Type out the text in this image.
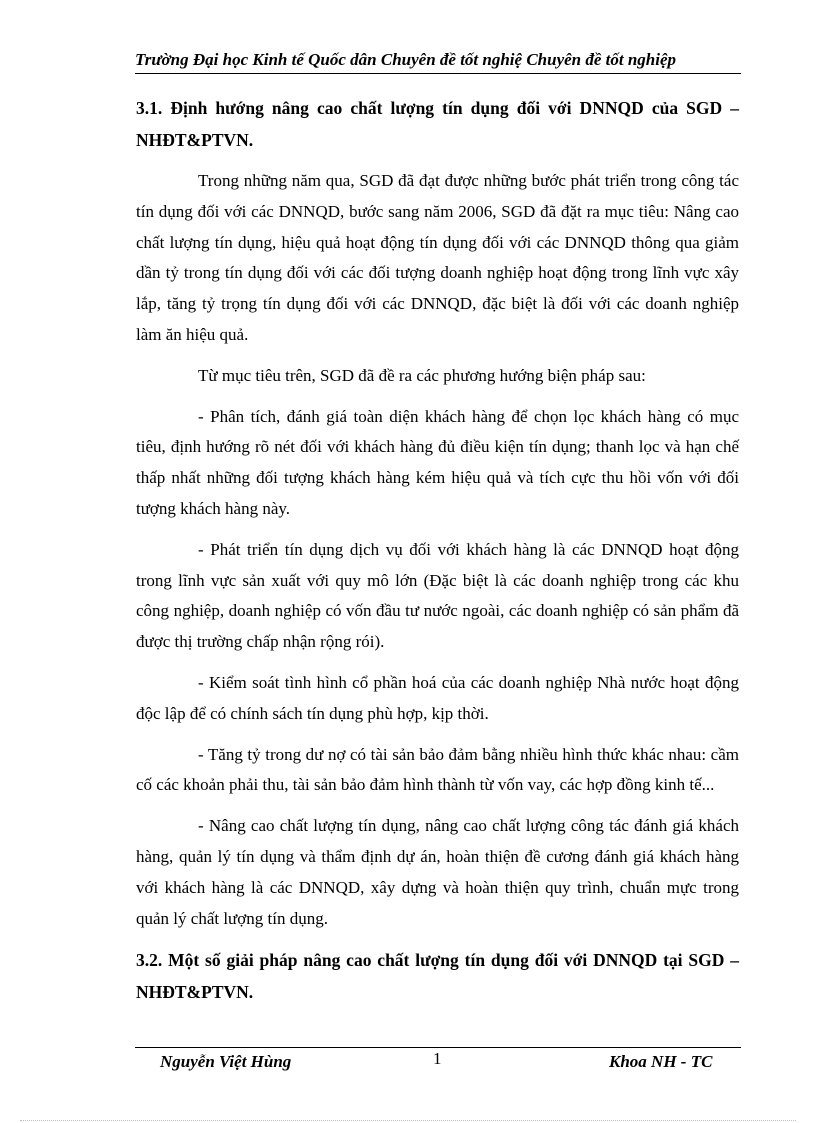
Trường Đại học Kinh tế Quốc dân Chuyên đề tốt nghiệ Chuyên đề tốt nghiệp
3.1. Định hướng nâng cao chất lượng tín dụng đối với DNNQD của SGD – NHĐT&PTVN.

Trong những năm qua, SGD đã đạt được những bước phát triển trong công tác tín dụng đối với các DNNQD, bước sang năm 2006, SGD đã đặt ra mục tiêu: Nâng cao chất lượng tín dụng, hiệu quả hoạt động tín dụng đối với các DNNQD thông qua giảm dần tỷ trong tín dụng đối với các đối tượng doanh nghiệp hoạt động trong lĩnh vực xây lắp, tăng tỷ trọng tín dụng đối với các DNNQD, đặc biệt là đối với các doanh nghiệp làm ăn hiệu quả.

Từ mục tiêu trên, SGD đã đề ra các phương hướng biện pháp sau:

- Phân tích, đánh giá toàn diện khách hàng để chọn lọc khách hàng có mục tiêu, định hướng rõ nét đối với khách hàng đủ điều kiện tín dụng; thanh lọc và hạn chế thấp nhất những đối tượng khách hàng kém hiệu quả và tích cực thu hồi vốn với đối tượng khách hàng này.

- Phát triển tín dụng dịch vụ đối với khách hàng là các DNNQD hoạt động trong lĩnh vực sản xuất với quy mô lớn (Đặc biệt là các doanh nghiệp trong các khu công nghiệp, doanh nghiệp có vốn đầu tư nước ngoài, các doanh nghiệp có sản phẩm đã được thị trường chấp nhận rộng rói).

- Kiểm soát tình hình cổ phần hoá của các doanh nghiệp Nhà nước hoạt động độc lập để có chính sách tín dụng phù hợp, kịp thời.

- Tăng tỷ trong dư nợ có tài sản bảo đảm bằng nhiều hình thức khác nhau: cầm cố các khoản phải thu, tài sản bảo đảm hình thành từ vốn vay, các hợp đồng kinh tế...

- Nâng cao chất lượng tín dụng, nâng cao chất lượng công tác đánh giá khách hàng, quản lý tín dụng và thẩm định dự án, hoàn thiện đề cương đánh giá khách hàng với khách hàng là các DNNQD, xây dựng và hoàn thiện quy trình, chuẩn mực trong quản lý chất lượng tín dụng.

3.2. Một số giải pháp nâng cao chất lượng tín dụng đối với DNNQD tại SGD – NHĐT&PTVN.
Nguyễn Việt Hùng	1	Khoa NH - TC
